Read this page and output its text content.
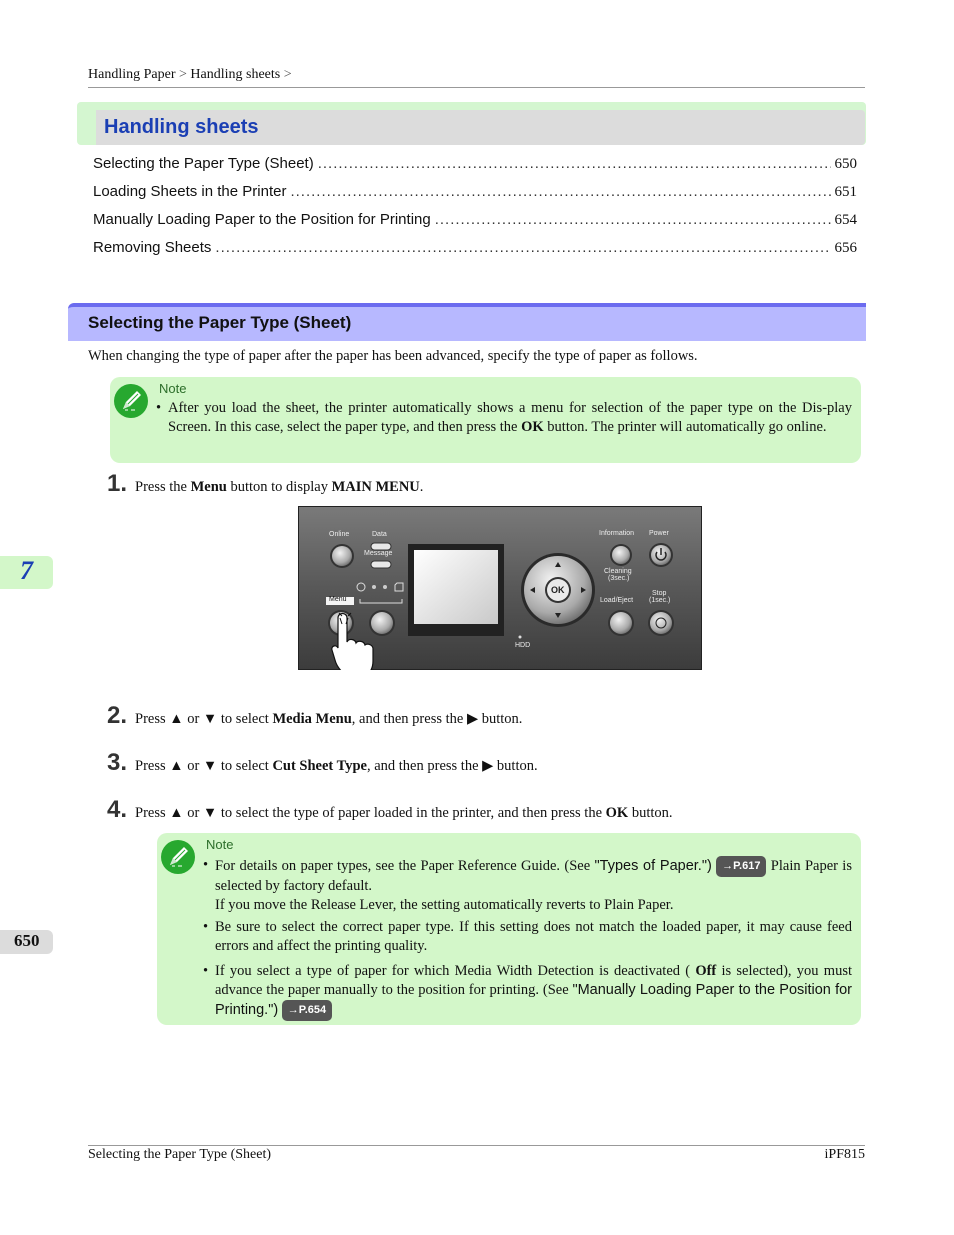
Handling Paper > Handling sheets >
Handling sheets
Selecting the Paper Type (Sheet) .....	650
Loading Sheets in the Printer .....	651
Manually Loading Paper to the Position for Printing .....	654
Removing Sheets .....	656
Selecting the Paper Type (Sheet)
When changing the type of paper after the paper has been advanced, specify the type of paper as follows.
Note
• After you load the sheet, the printer automatically shows a menu for selection of the paper type on the Dis-play Screen. In this case, select the paper type, and then press the OK button. The printer will automatically go online.
1. Press the Menu button to display MAIN MENU.
Online	Data
Message
Menu
Information Power
Cleaning
(3sec.)
Load/Eject
Stop
(1sec.)
OK
HDD
2. Press ▲ or ▼ to select Media Menu, and then press the ▶ button.
3. Press ▲ or ▼ to select Cut Sheet Type, and then press the ▶ button.
4. Press ▲ or ▼ to select the type of paper loaded in the printer, and then press the OK button.
Note
• For details on paper types, see the Paper Reference Guide. (See "Types of Paper.") →P.617 Plain Paper is selected by factory default.
If you move the Release Lever, the setting automatically reverts to Plain Paper.
• Be sure to select the correct paper type. If this setting does not match the loaded paper, it may cause feed errors and affect the printing quality.
• If you select a type of paper for which Media Width Detection is deactivated ( Off is selected), you must advance the paper manually to the position for printing. (See "Manually Loading Paper to the Position for Printing.") →P.654
7
650
Selecting the Paper Type (Sheet)	iPF815
